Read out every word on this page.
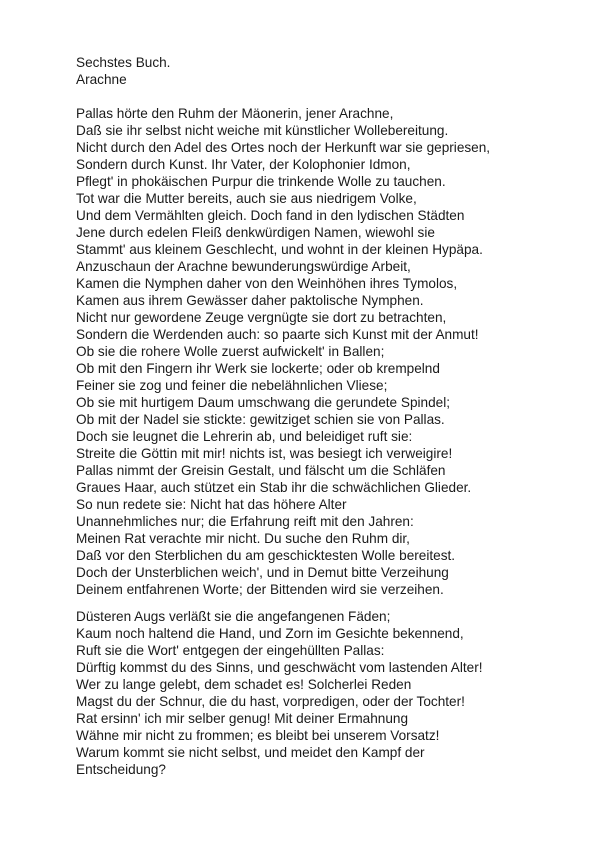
Sechstes Buch.
Arachne
Pallas hörte den Ruhm der Mäonerin, jener Arachne,
Daß sie ihr selbst nicht weiche mit künstlicher Wollebereitung.
Nicht durch den Adel des Ortes noch der Herkunft war sie gepriesen,
Sondern durch Kunst. Ihr Vater, der Kolophonier Idmon,
Pflegt' in phokäischen Purpur die trinkende Wolle zu tauchen.
Tot war die Mutter bereits, auch sie aus niedrigem Volke,
Und dem Vermählten gleich. Doch fand in den lydischen Städten
Jene durch edelen Fleiß denkwürdigen Namen, wiewohl sie
Stammt' aus kleinem Geschlecht, und wohnt in der kleinen Hypäpa.
Anzuschaun der Arachne bewunderungswürdige Arbeit,
Kamen die Nymphen daher von den Weinhöhen ihres Tymolos,
Kamen aus ihrem Gewässer daher paktolische Nymphen.
Nicht nur gewordene Zeuge vergnügte sie dort zu betrachten,
Sondern die Werdenden auch: so paarte sich Kunst mit der Anmut!
Ob sie die rohere Wolle zuerst aufwickelt' in Ballen;
Ob mit den Fingern ihr Werk sie lockerte; oder ob krempelnd
Feiner sie zog und feiner die nebelähnlichen Vliese;
Ob sie mit hurtigem Daum umschwang die gerundete Spindel;
Ob mit der Nadel sie stickte: gewitziget schien sie von Pallas.
Doch sie leugnet die Lehrerin ab, und beleidiget ruft sie:
Streite die Göttin mit mir! nichts ist, was besiegt ich verweigire!
Pallas nimmt der Greisin Gestalt, und fälscht um die Schläfen
Graues Haar, auch stützet ein Stab ihr die schwächlichen Glieder.
So nun redete sie: Nicht hat das höhere Alter
Unannehmliches nur; die Erfahrung reift mit den Jahren:
Meinen Rat verachte mir nicht. Du suche den Ruhm dir,
Daß vor den Sterblichen du am geschicktesten Wolle bereitest.
Doch der Unsterblichen weich', und in Demut bitte Verzeihung
Deinem entfahrenen Worte; der Bittenden wird sie verzeihen.
Düsteren Augs verläßt sie die angefangenen Fäden;
Kaum noch haltend die Hand, und Zorn im Gesichte bekennend,
Ruft sie die Wort' entgegen der eingehüllten Pallas:
Dürftig kommst du des Sinns, und geschwächt vom lastenden Alter!
Wer zu lange gelebt, dem schadet es! Solcherlei Reden
Magst du der Schnur, die du hast, vorpredigen, oder der Tochter!
Rat ersinn' ich mir selber genug! Mit deiner Ermahnung
Wähne mir nicht zu frommen; es bleibt bei unserem Vorsatz!
Warum kommt sie nicht selbst, und meidet den Kampf der
Entscheidung?
